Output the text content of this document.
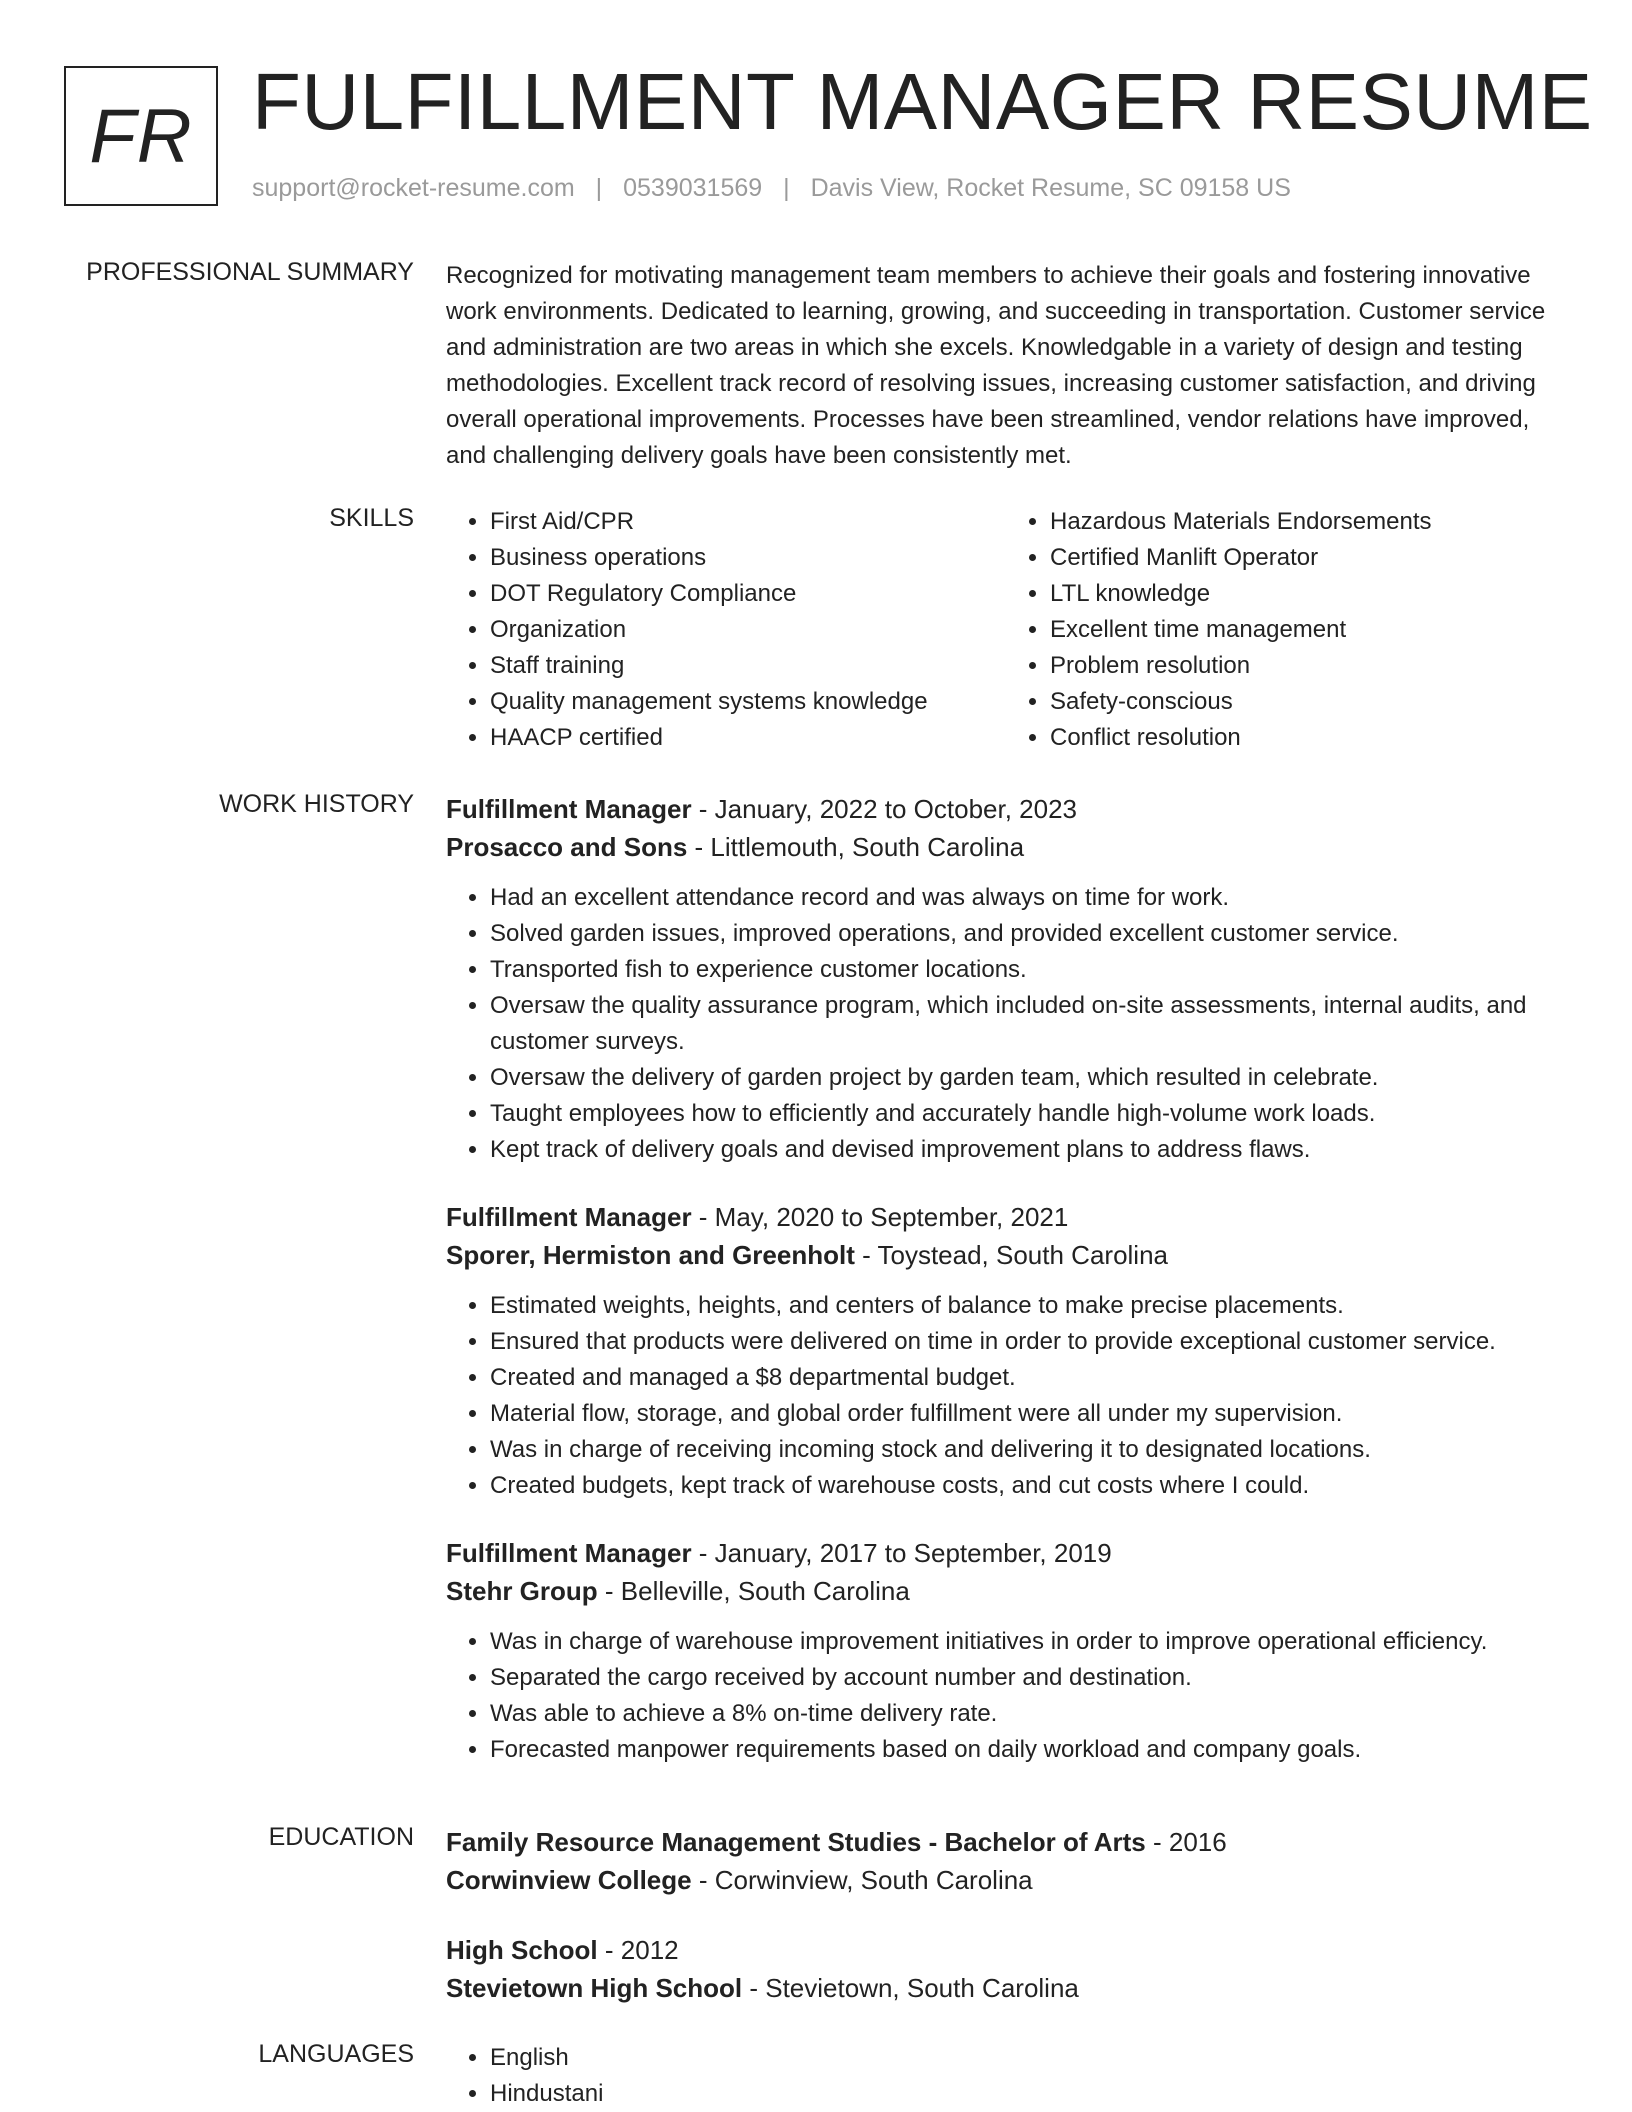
FR FULFILLMENT MANAGER RESUME
support@rocket-resume.com | 0539031569 | Davis View, Rocket Resume, SC 09158 US
PROFESSIONAL SUMMARY Recognized for motivating management team members to achieve their goals and fostering innovative work environments. Dedicated to learning, growing, and succeeding in transportation. Customer service and administration are two areas in which she excels. Knowledgable in a variety of design and testing methodologies. Excellent track record of resolving issues, increasing customer satisfaction, and driving overall operational improvements. Processes have been streamlined, vendor relations have improved, and challenging delivery goals have been consistently met.
SKILLS	• First Aid/CPR
• Business operations
• DOT Regulatory Compliance
• Organization
• Staff training
• Quality management systems knowledge
• HAACP certified
• Hazardous Materials Endorsements
• Certified Manlift Operator
• LTL knowledge
• Excellent time management
• Problem resolution
• Safety-conscious
• Conflict resolution
WORK HISTORY Fulfillment Manager - January, 2022 to October, 2023
Prosacco and Sons - Littlemouth, South Carolina
• Had an excellent attendance record and was always on time for work.
• Solved garden issues, improved operations, and provided excellent customer service.
• Transported fish to experience customer locations.
• Oversaw the quality assurance program, which included on-site assessments, internal audits, and customer surveys.
• Oversaw the delivery of garden project by garden team, which resulted in celebrate.
• Taught employees how to efficiently and accurately handle high-volume work loads.
• Kept track of delivery goals and devised improvement plans to address flaws.
Fulfillment Manager - May, 2020 to September, 2021
Sporer, Hermiston and Greenholt - Toystead, South Carolina
• Estimated weights, heights, and centers of balance to make precise placements.
• Ensured that products were delivered on time in order to provide exceptional customer service.
• Created and managed a $8 departmental budget.
• Material flow, storage, and global order fulfillment were all under my supervision.
• Was in charge of receiving incoming stock and delivering it to designated locations.
• Created budgets, kept track of warehouse costs, and cut costs where I could.
Fulfillment Manager - January, 2017 to September, 2019
Stehr Group - Belleville, South Carolina
• Was in charge of warehouse improvement initiatives in order to improve operational efficiency.
• Separated the cargo received by account number and destination.
• Was able to achieve a 8% on-time delivery rate.
• Forecasted manpower requirements based on daily workload and company goals.
EDUCATION Family Resource Management Studies - Bachelor of Arts - 2016
Corwinview College - Corwinview, South Carolina
High School - 2012
Stevietown High School - Stevietown, South Carolina
LANGUAGES	• English
• Hindustani
